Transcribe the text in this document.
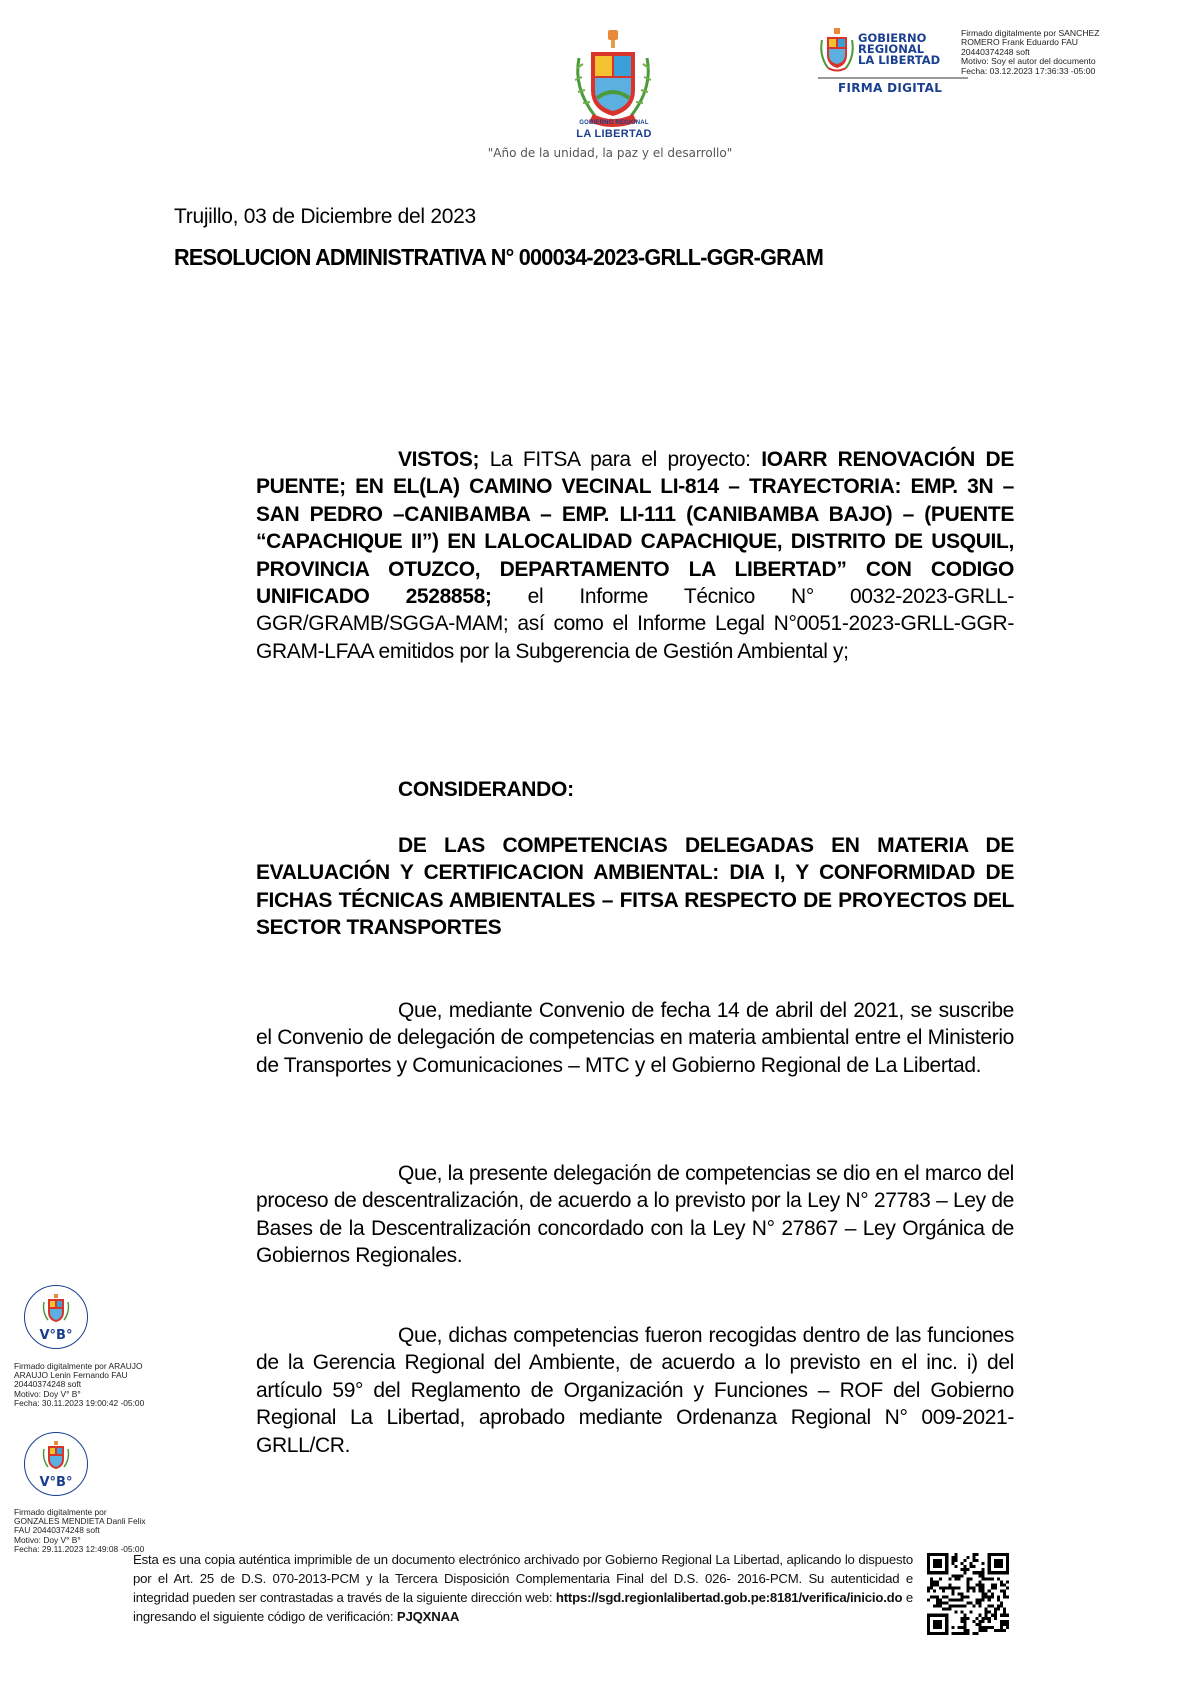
GOBIERNO REGIONAL
LA LIBERTAD
"Año de la unidad, la paz y el desarrollo"
GOBIERNO
REGIONAL
LA LIBERTAD
FIRMA DIGITAL
Firmado digitalmente por SANCHEZ
ROMERO Frank Eduardo FAU
20440374248 soft
Motivo: Soy el autor del documento
Fecha: 03.12.2023 17:36:33 -05:00
Trujillo, 03 de Diciembre del 2023
RESOLUCION ADMINISTRATIVA N° 000034-2023-GRLL-GGR-GRAM
VISTOS; La FITSA para el proyecto: IOARR RENOVACIÓN DE PUENTE; EN EL(LA) CAMINO VECINAL LI-814 – TRAYECTORIA: EMP. 3N – SAN PEDRO –CANIBAMBA – EMP. LI-111 (CANIBAMBA BAJO) – (PUENTE “CAPACHIQUE II”) EN LALOCALIDAD CAPACHIQUE, DISTRITO DE USQUIL, PROVINCIA OTUZCO, DEPARTAMENTO LA LIBERTAD” CON CODIGO UNIFICADO 2528858; el Informe Técnico N° 0032-2023-GRLL-GGR/GRAMB/SGGA-MAM; así como el Informe Legal N°0051-2023-GRLL-GGR-GRAM-LFAA emitidos por la Subgerencia de Gestión Ambiental y;
CONSIDERANDO:
DE LAS COMPETENCIAS DELEGADAS EN MATERIA DE EVALUACIÓN Y CERTIFICACION AMBIENTAL: DIA I, Y CONFORMIDAD DE FICHAS TÉCNICAS AMBIENTALES – FITSA RESPECTO DE PROYECTOS DEL SECTOR TRANSPORTES
Que, mediante Convenio de fecha 14 de abril del 2021, se suscribe el Convenio de delegación de competencias en materia ambiental entre el Ministerio de Transportes y Comunicaciones – MTC y el Gobierno Regional de La Libertad.
Que, la presente delegación de competencias se dio en el marco del proceso de descentralización, de acuerdo a lo previsto por la Ley N° 27783 – Ley de Bases de la Descentralización concordado con la Ley N° 27867 – Ley Orgánica de Gobiernos Regionales.
Que, dichas competencias fueron recogidas dentro de las funciones de la Gerencia Regional del Ambiente, de acuerdo a lo previsto en el inc. i) del artículo 59° del Reglamento de Organización y Funciones – ROF del Gobierno Regional La Libertad, aprobado mediante Ordenanza Regional N° 009-2021-GRLL/CR.
V°B°
Firmado digitalmente por ARAUJO
ARAUJO Lenin Fernando FAU
20440374248 soft
Motivo: Doy V° B°
Fecha: 30.11.2023 19:00:42 -05:00
V°B°
Firmado digitalmente por
GONZALES MENDIETA Danli Felix
FAU 20440374248 soft
Motivo: Doy V° B°
Fecha: 29.11.2023 12:49:08 -05:00
Esta es una copia auténtica imprimible de un documento electrónico archivado por Gobierno Regional La Libertad, aplicando lo dispuesto por el Art. 25 de D.S. 070-2013-PCM y la Tercera Disposición Complementaria Final del D.S. 026- 2016-PCM. Su autenticidad e integridad pueden ser contrastadas a través de la siguiente dirección web: https://sgd.regionlalibertad.gob.pe:8181/verifica/inicio.do e ingresando el siguiente código de verificación: PJQXNAA
